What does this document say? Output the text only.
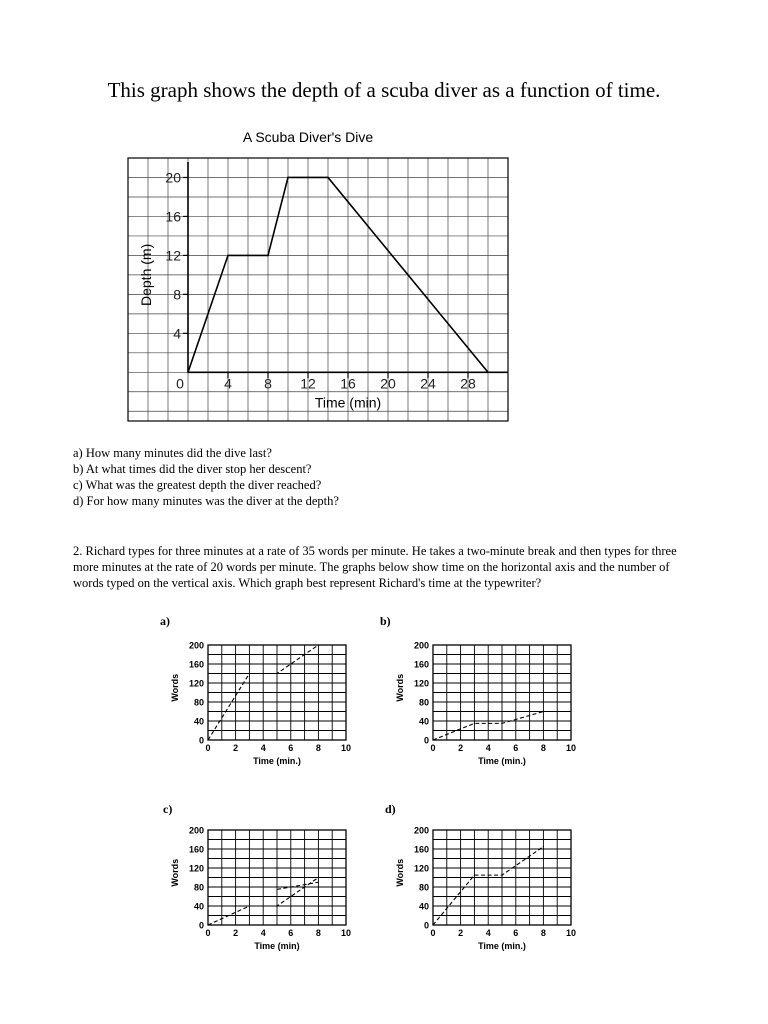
This graph shows the depth of a scuba diver as a function of time.
A Scuba Diver's Dive
0	4 8 12 16 20 24 28
4
8
12
16
20
Time (min)
Depth (m)
a) How many minutes did the dive last?
b) At what times did the diver stop her descent?
c) What was the greatest depth the diver reached?
d) For how many minutes was the diver at the depth?
2. Richard types for three minutes at a rate of 35 words per minute. He takes a two-minute break and then types for three more minutes at the rate of 20 words per minute. The graphs below show time on the horizontal axis and the number of words typed on the vertical axis. Which graph best represent Richard's time at the typewriter?
a)	b)
c)	d)
0
40
80
120
160
200
0	2	4	6	8 10
Time (min.)
Words
0
40
80
120
160
200
0	2	4	6	8 10
Time (min.)
Words
0
40
80
120
160
200
0	2	4	6	8 10
Time (min)
Words
0
40
80
120
160
200
0	2	4	6	8 10
Time (min.)
Words
